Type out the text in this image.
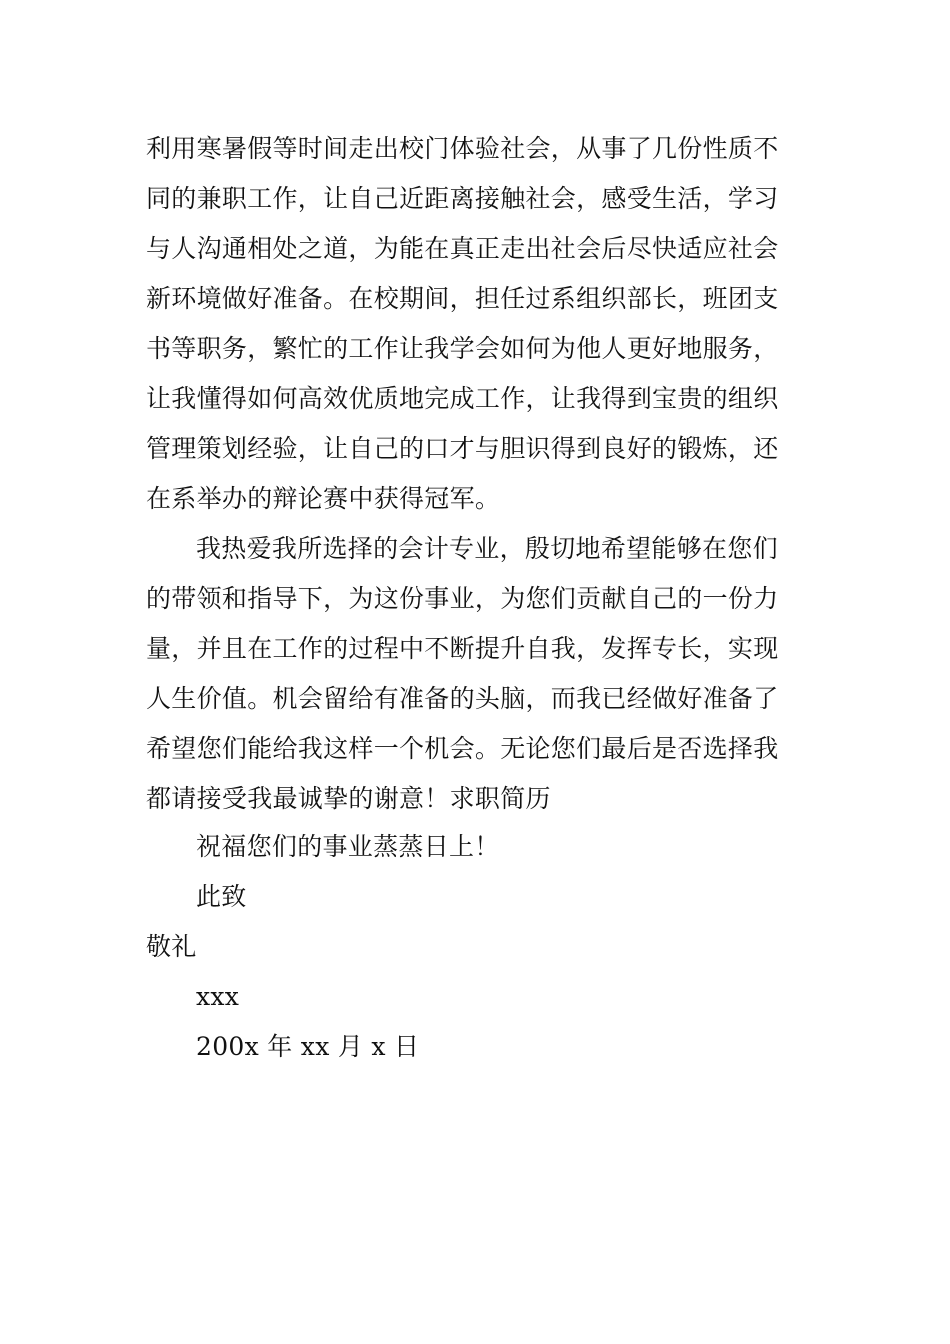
利用寒暑假等时间走出校门体验社会，从事了几份性质不
同的兼职工作，让自己近距离接触社会，感受生活，学习
与人沟通相处之道，为能在真正走出社会后尽快适应社会
新环境做好准备。在校期间，担任过系组织部长，班团支
书等职务，繁忙的工作让我学会如何为他人更好地服务，
让我懂得如何高效优质地完成工作，让我得到宝贵的组织
管理策划经验，让自己的口才与胆识得到良好的锻炼，还
在系举办的辩论赛中获得冠军。
我热爱我所选择的会计专业，殷切地希望能够在您们
的带领和指导下，为这份事业，为您们贡献自己的一份力
量，并且在工作的过程中不断提升自我，发挥专长，实现
人生价值。机会留给有准备的头脑，而我已经做好准备了
希望您们能给我这样一个机会。无论您们最后是否选择我
都请接受我最诚挚的谢意！求职简历
祝福您们的事业蒸蒸日上！
此致
敬礼
xxx
200x 年 xx 月 x 日
